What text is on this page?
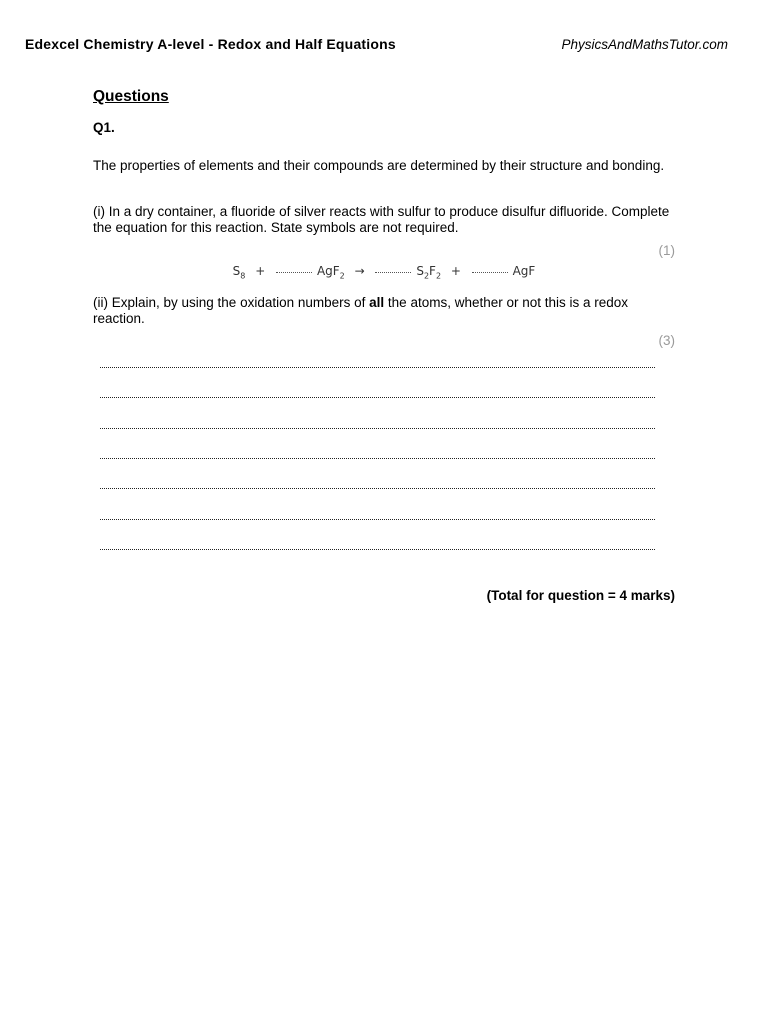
Edexcel Chemistry A-level - Redox and Half Equations	PhysicsAndMathsTutor.com
Questions
Q1.
The properties of elements and their compounds are determined by their structure and bonding.
(i) In a dry container, a fluoride of silver reacts with sulfur to produce disulfur difluoride. Complete the equation for this reaction. State symbols are not required.
(1)
$S_8$ +	AgF$_2$ →	$S_2F_2$ +	AgF
(ii) Explain, by using the oxidation numbers of all the atoms, whether or not this is a redox reaction.
(3)
(Total for question = 4 marks)
